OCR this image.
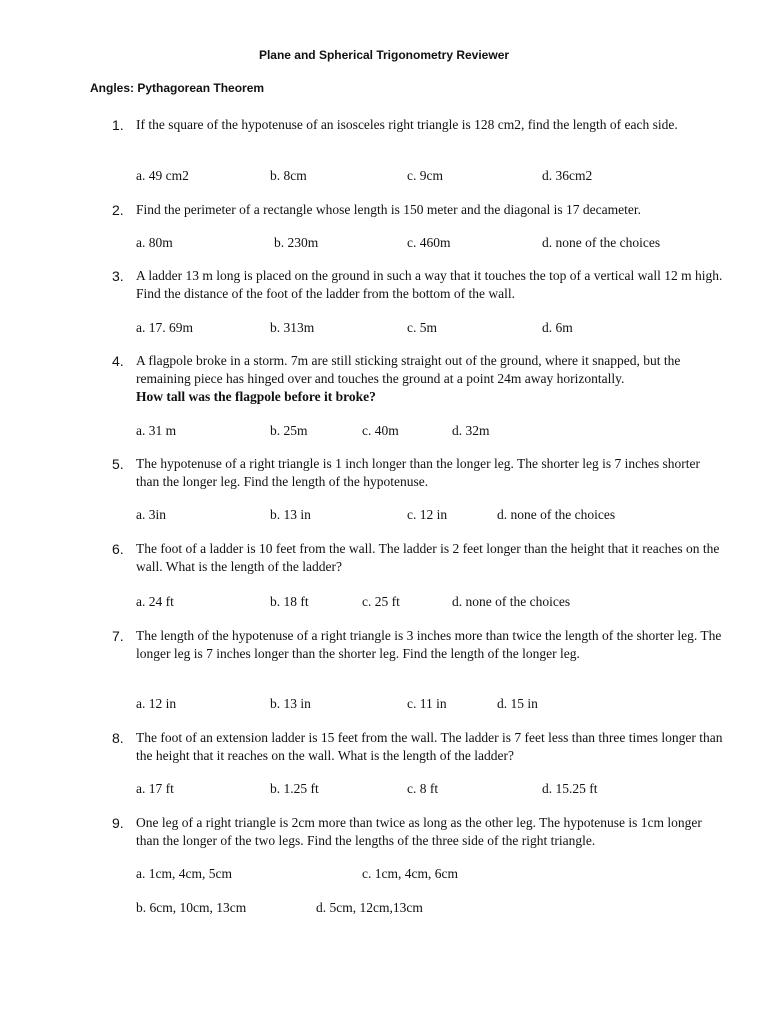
Plane and Spherical Trigonometry Reviewer
Angles: Pythagorean Theorem
1. If the square of the hypotenuse of an isosceles right triangle is 128 cm2, find the length of each side.
a. 49 cm2	b. 8cm	c. 9cm	d. 36cm2
2. Find the perimeter of a rectangle whose length is 150 meter and the diagonal is 17 decameter.
a. 80m	b. 230m	c. 460m	d. none of the choices
3. A ladder 13 m long is placed on the ground in such a way that it touches the top of a vertical wall 12 m high. Find the distance of the foot of the ladder from the bottom of the wall.
a. 17. 69m	b. 313m	c. 5m	d. 6m
4. A flagpole broke in a storm. 7m are still sticking straight out of the ground, where it snapped, but the remaining piece has hinged over and touches the ground at a point 24m away horizontally.
How tall was the flagpole before it broke?
a. 31 m	b. 25m	c. 40m	d. 32m
5. The hypotenuse of a right triangle is 1 inch longer than the longer leg. The shorter leg is 7 inches shorter than the longer leg. Find the length of the hypotenuse.
a. 3in	b. 13 in	c. 12 in	d. none of the choices
6. The foot of a ladder is 10 feet from the wall. The ladder is 2 feet longer than the height that it reaches on the wall. What is the length of the ladder?
a. 24 ft	b. 18 ft	c. 25 ft	d. none of the choices
7. The length of the hypotenuse of a right triangle is 3 inches more than twice the length of the shorter leg. The longer leg is 7 inches longer than the shorter leg. Find the length of the longer leg.
a. 12 in	b. 13 in	c. 11 in	d. 15 in
8. The foot of an extension ladder is 15 feet from the wall. The ladder is 7 feet less than three times longer than the height that it reaches on the wall. What is the length of the ladder?
a. 17 ft	b. 1.25 ft	c. 8 ft	d. 15.25 ft
9. One leg of a right triangle is 2cm more than twice as long as the other leg. The hypotenuse is 1cm longer than the longer of the two legs. Find the lengths of the three side of the right triangle.
a. 1cm, 4cm, 5cm	c. 1cm, 4cm, 6cm
b. 6cm, 10cm, 13cm	d. 5cm, 12cm,13cm
